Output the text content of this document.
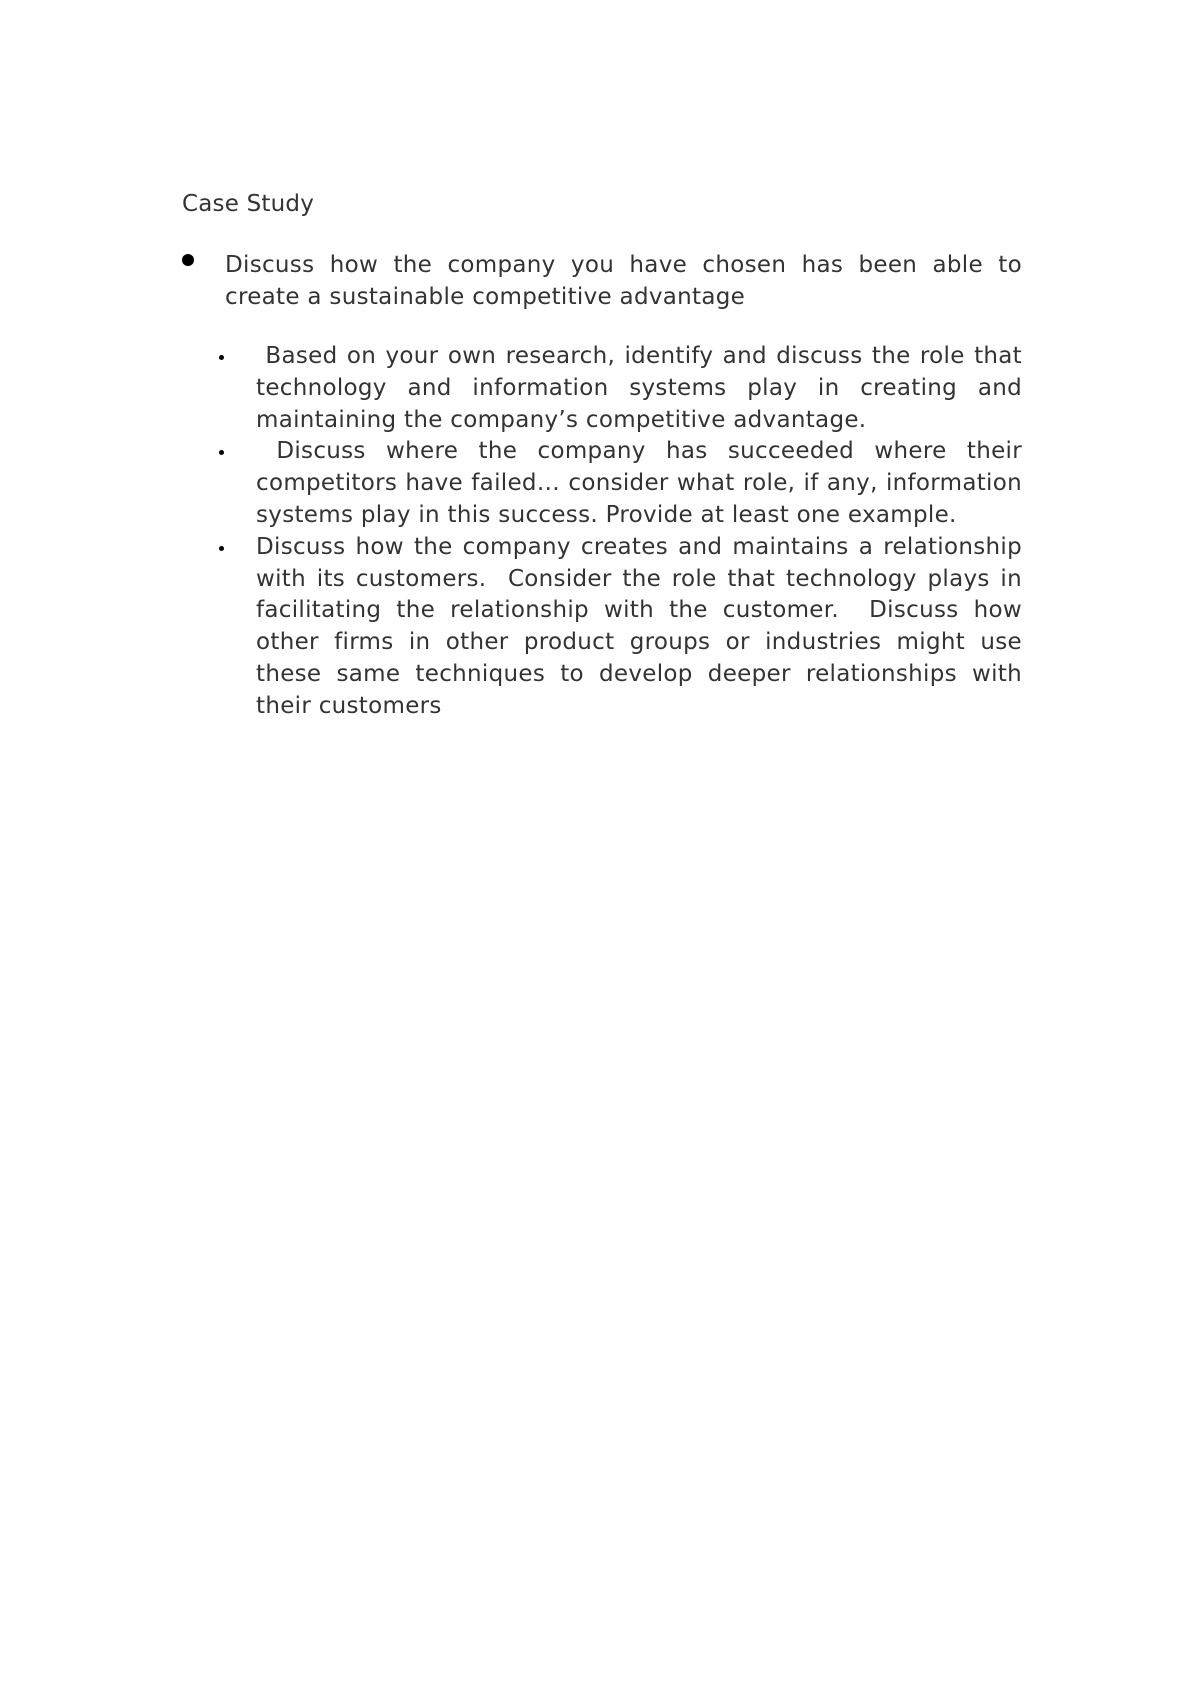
Case Study
Discuss how the company you have chosen has been able to create a sustainable competitive advantage
Based on your own research, identify and discuss the role that technology and information systems play in creating and maintaining the company’s competitive advantage.
Discuss where the company has succeeded where their competitors have failed… consider what role, if any, information systems play in this success. Provide at least one example.
Discuss how the company creates and maintains a relationship with its customers.  Consider the role that technology plays in facilitating the relationship with the customer.  Discuss how other firms in other product groups or industries might use these same techniques to develop deeper relationships with their customers
